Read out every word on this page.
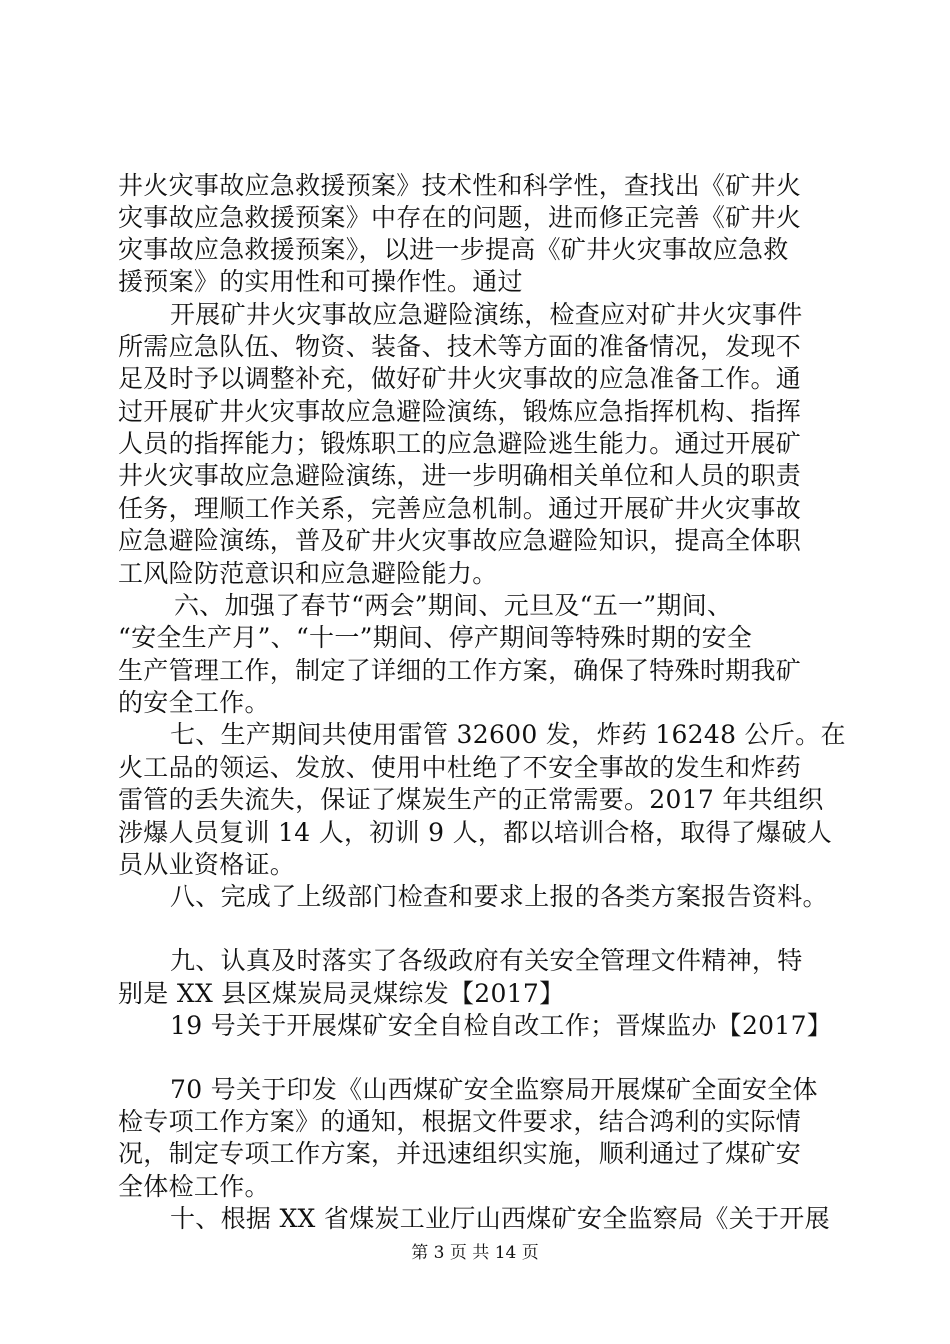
井火灾事故应急救援预案》技术性和科学性，查找出《矿井火
灾事故应急救援预案》中存在的问题，进而修正完善《矿井火
灾事故应急救援预案》，以进一步提高《矿井火灾事故应急救
援预案》的实用性和可操作性。通过
开展矿井火灾事故应急避险演练，检查应对矿井火灾事件
所需应急队伍、物资、装备、技术等方面的准备情况，发现不
足及时予以调整补充，做好矿井火灾事故的应急准备工作。通
过开展矿井火灾事故应急避险演练，锻炼应急指挥机构、指挥
人员的指挥能力；锻炼职工的应急避险逃生能力。通过开展矿
井火灾事故应急避险演练，进一步明确相关单位和人员的职责
任务，理顺工作关系，完善应急机制。通过开展矿井火灾事故
应急避险演练，普及矿井火灾事故应急避险知识，提高全体职
工风险防范意识和应急避险能力。
六、加强了春节“两会”期间、元旦及“五一”期间、
“安全生产月”、“十一”期间、停产期间等特殊时期的安全
生产管理工作，制定了详细的工作方案，确保了特殊时期我矿
的安全工作。
七、生产期间共使用雷管 32600 发，炸药 16248 公斤。在
火工品的领运、发放、使用中杜绝了不安全事故的发生和炸药
雷管的丢失流失，保证了煤炭生产的正常需要。2017 年共组织
涉爆人员复训 14 人，初训 9 人，都以培训合格，取得了爆破人
员从业资格证。
八、完成了上级部门检查和要求上报的各类方案报告资料。
九、认真及时落实了各级政府有关安全管理文件精神，特
别是 XX 县区煤炭局灵煤综发【2017】
19 号关于开展煤矿安全自检自改工作；晋煤监办【2017】
70 号关于印发《山西煤矿安全监察局开展煤矿全面安全体
检专项工作方案》的通知，根据文件要求，结合鸿利的实际情
况，制定专项工作方案，并迅速组织实施，顺利通过了煤矿安
全体检工作。
十、根据 XX 省煤炭工业厅山西煤矿安全监察局《关于开展
第 3 页 共 14 页
